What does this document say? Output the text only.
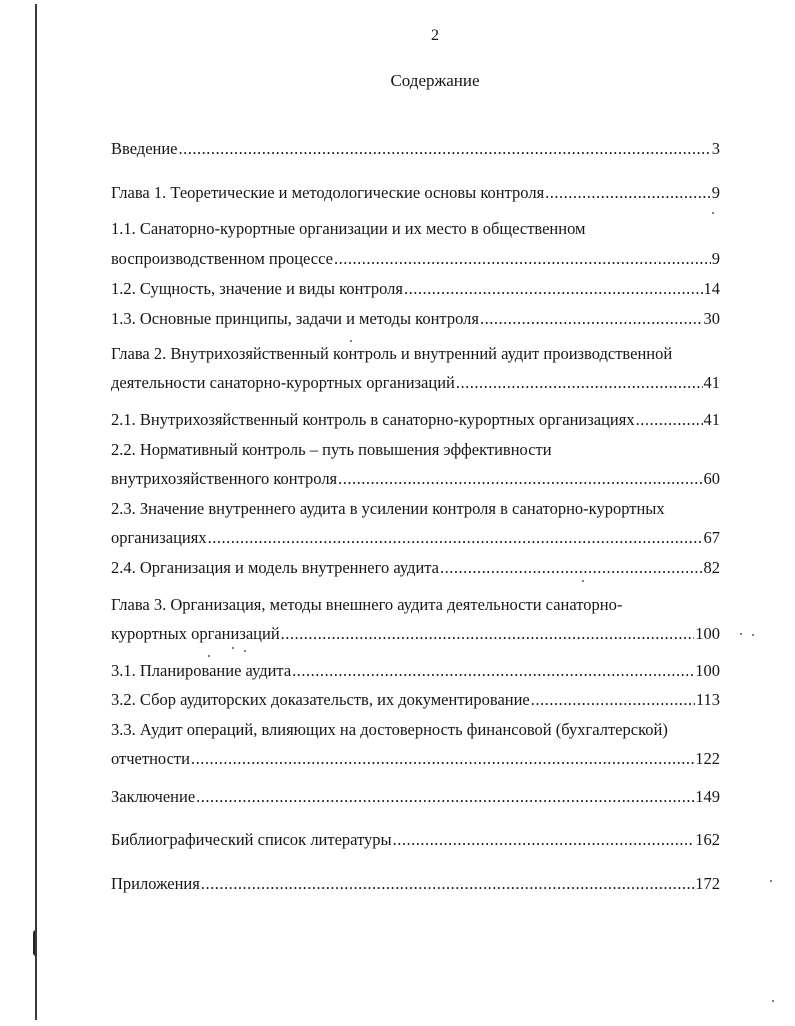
2
Содержание
Введение .....	3
Глава 1. Теоретические и методологические основы контроля .....	9
1.1. Санаторно-курортные организации и их место в общественном
воспроизводственном процессе .....	9
1.2. Сущность, значение и виды контроля .....	14
1.3. Основные принципы, задачи и методы контроля .....	30
Глава 2. Внутрихозяйственный контроль и внутренний аудит производственной
деятельности санаторно-курортных организаций .....	41
2.1. Внутрихозяйственный контроль в санаторно-курортных организациях .....	41
2.2. Нормативный контроль – путь повышения эффективности
внутрихозяйственного контроля .....	60
2.3. Значение внутреннего аудита в усилении контроля в санаторно-курортных
организациях .....	67
2.4. Организация и модель внутреннего аудита .....	82
Глава 3. Организация, методы внешнего аудита деятельности санаторно-
курортных организаций .....	100
3.1. Планирование аудита .....	100
3.2. Сбор аудиторских доказательств, их документирование .....	113
3.3. Аудит операций, влияющих на достоверность финансовой (бухгалтерской)
отчетности .....	122
Заключение .....	149
Библиографический список литературы .....	162
Приложения .....	172
